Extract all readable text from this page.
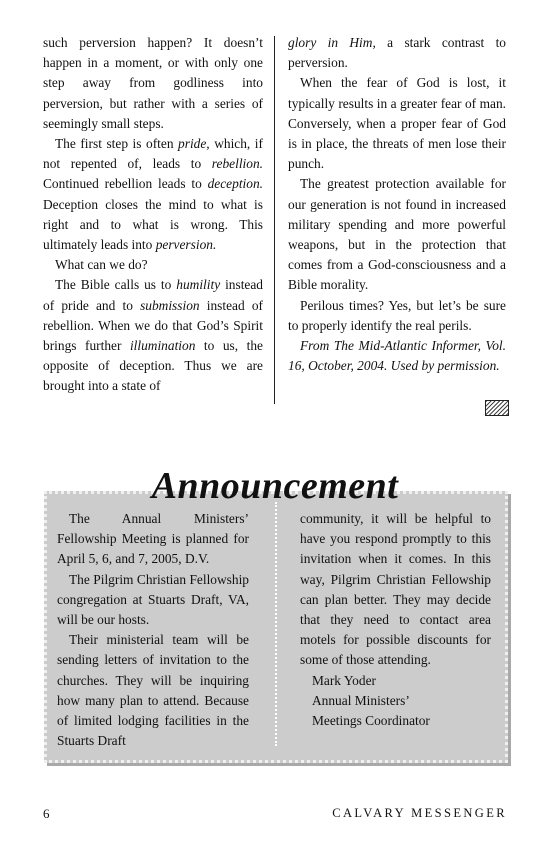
such perversion happen? It doesn’t happen in a moment, or with only one step away from godliness into perversion, but rather with a series of seemingly small steps.

The first step is often pride, which, if not repented of, leads to rebellion. Continued rebellion leads to deception. Deception closes the mind to what is right and to what is wrong. This ultimately leads into perversion.

What can we do?

The Bible calls us to humility instead of pride and to submission instead of rebellion. When we do that God’s Spirit brings further illumination to us, the opposite of deception. Thus we are brought into a state of

glory in Him, a stark contrast to perversion.

When the fear of God is lost, it typically results in a greater fear of man. Conversely, when a proper fear of God is in place, the threats of men lose their punch.

The greatest protection available for our generation is not found in increased military spending and more powerful weapons, but in the protection that comes from a God-consciousness and a Bible morality.

Perilous times? Yes, but let’s be sure to properly identify the real perils.

From The Mid-Atlantic Informer, Vol. 16, October, 2004. Used by permission.

Announcement

The Annual Ministers’ Fellowship Meeting is planned for April 5, 6, and 7, 2005, D.V.

The Pilgrim Christian Fellowship congregation at Stuarts Draft, VA, will be our hosts.

Their ministerial team will be sending letters of invitation to the churches. They will be inquiring how many plan to attend. Because of limited lodging facilities in the Stuarts Draft

community, it will be helpful to have you respond promptly to this invitation when it comes. In this way, Pilgrim Christian Fellowship can plan better. They may decide that they need to contact area motels for possible discounts for some of those attending.

Mark Yoder

Annual Ministers’

Meetings Coordinator

6	CALVARY MESSENGER
